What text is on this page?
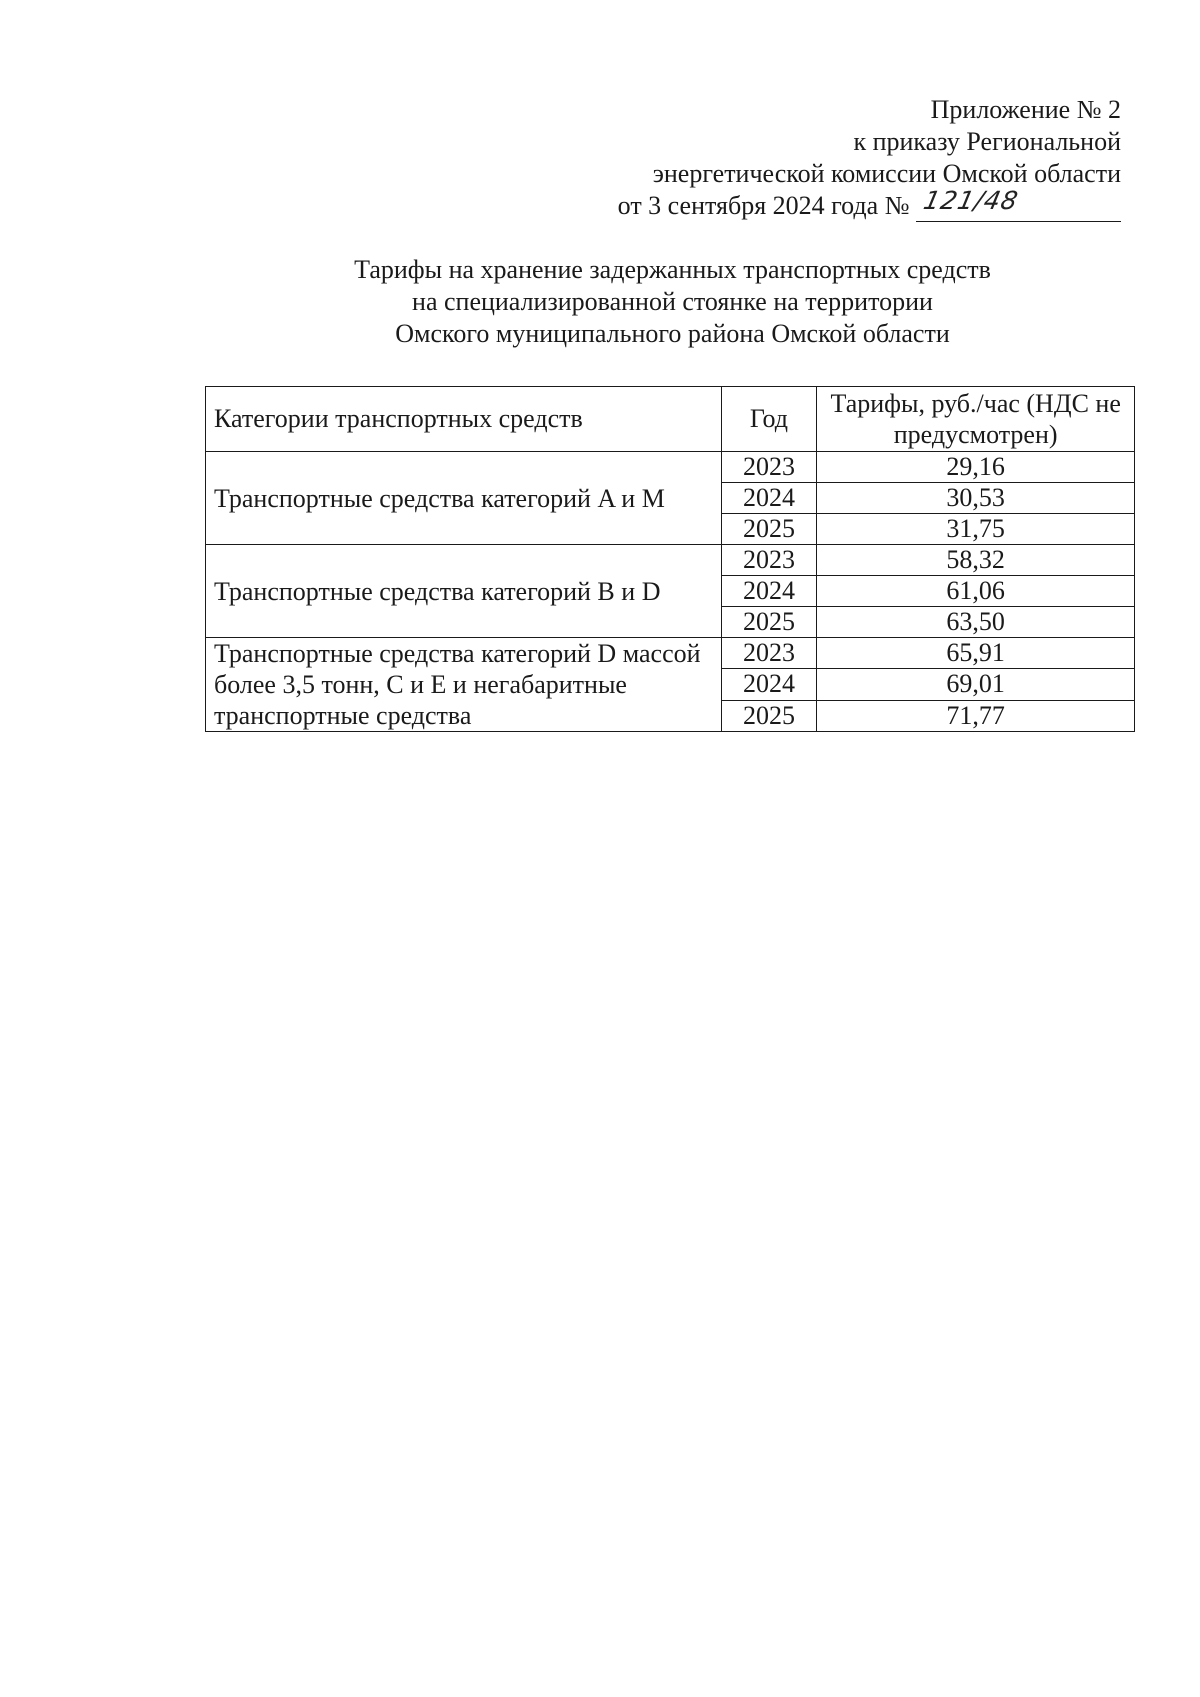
Приложение № 2
к приказу Региональной
энергетической комиссии Омской области
от 3 сентября 2024 года № 121/48
Тарифы на хранение задержанных транспортных средств
на специализированной стоянке на территории
Омского муниципального района Омской области
Категории транспортных средств	Год	Тарифы, руб./час (НДС не предусмотрен)
Транспортные средства категорий A и M	2023	29,16
	2024	30,53
	2025	31,75
Транспортные средства категорий B и D	2023	58,32
	2024	61,06
	2025	63,50
Транспортные средства категорий D массой более 3,5 тонн, C и E и негабаритные транспортные средства	2023	65,91
	2024	69,01
	2025	71,77
